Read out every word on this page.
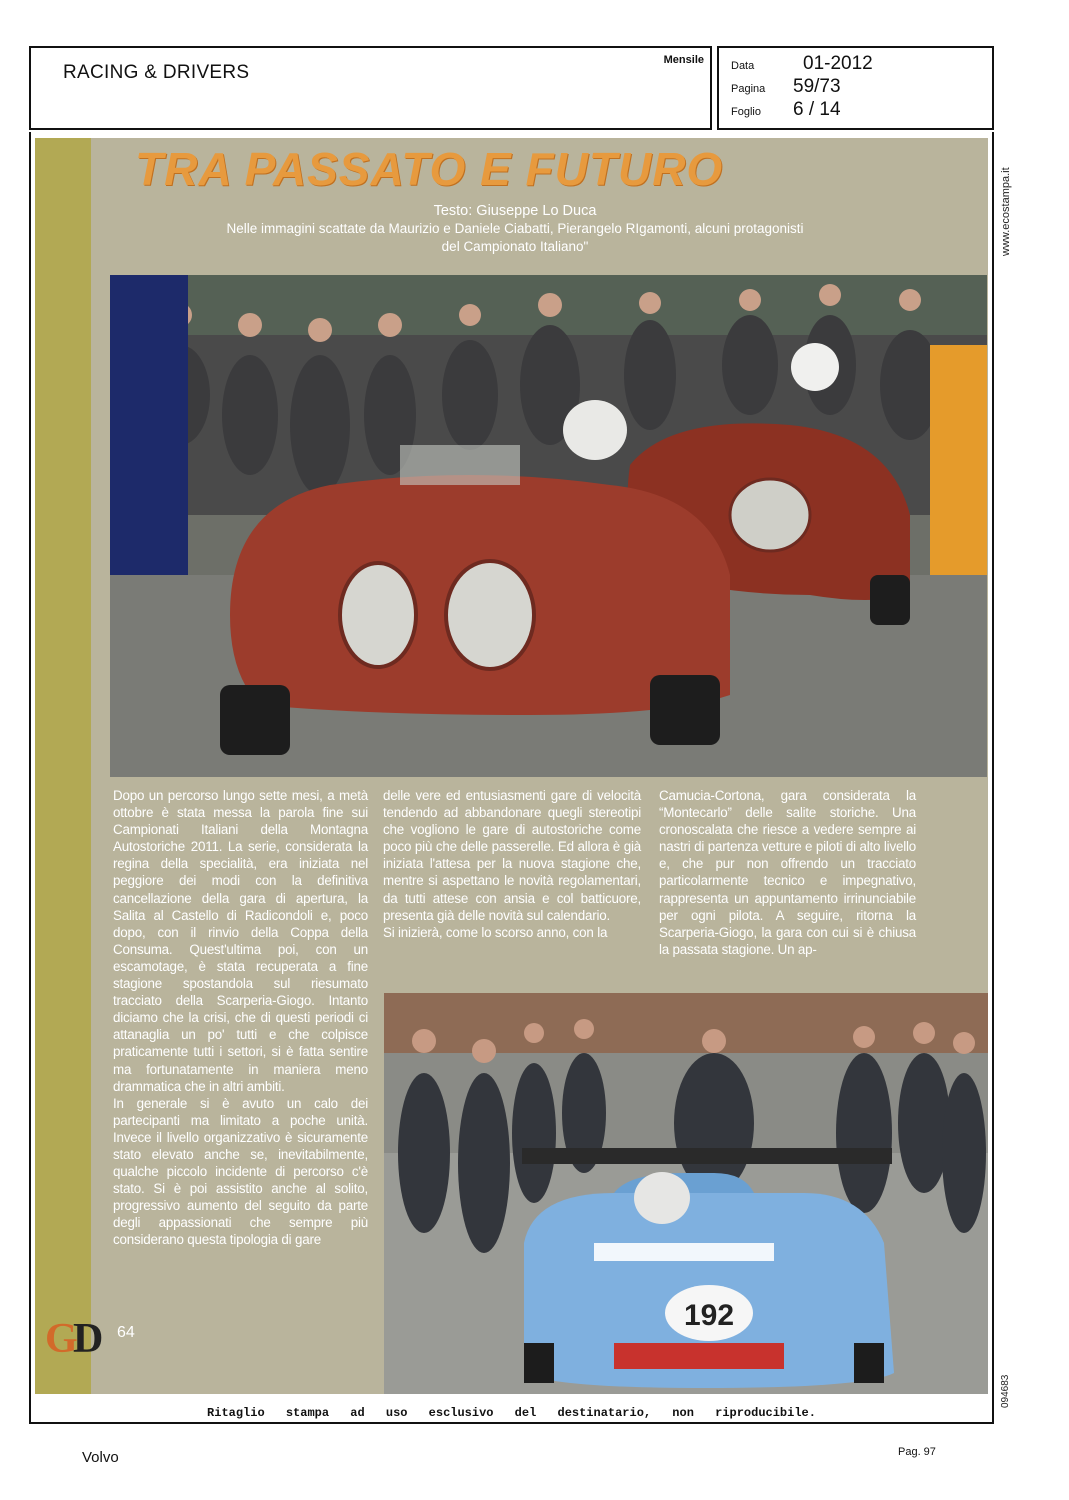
RACING & DRIVERS
Mensile Data	01-2012
Pagina	59/73
Foglio	6 / 14
www.ecostampa.it
094683
TRA PASSATO E FUTURO
Testo: Giuseppe Lo Duca
Nelle immagini scattate da Maurizio e Daniele Ciabatti, Pierangelo RIgamonti, alcuni protagonisti
del Campionato Italiano"

Dopo un percorso lungo sette mesi, a metà ottobre è stata messa la parola fine sui Campionati Italiani della Montagna Autostoriche 2011. La serie, considerata la regina della specialità, era iniziata nel peggiore dei modi con la definitiva cancellazione della gara di apertura, la Salita al Castello di Radicondoli e, poco dopo, con il rinvio della Coppa della Consuma. Quest'ultima poi, con un escamotage, è stata recuperata a fine stagione spostandola sul riesumato tracciato della Scarperia-Giogo. Intanto diciamo che la crisi, che di questi periodi ci attanaglia un po' tutti e che colpisce praticamente tutti i settori, si è fatta sentire ma fortunatamente in maniera meno drammatica che in altri ambiti.

In generale si è avuto un calo dei partecipanti ma limitato a poche unità. Invece il livello organizzativo è sicuramente stato elevato anche se, inevitabilmente, qualche piccolo incidente di percorso c'è stato. Si è poi assistito anche al solito, progressivo aumento del seguito da parte degli appassionati che sempre più considerano questa tipologia di gare

delle vere ed entusiasmenti gare di velocità tendendo ad abbandonare quegli stereotipi che vogliono le gare di autostoriche come poco più che delle passerelle. Ed allora è già iniziata l'attesa per la nuova stagione che, mentre si aspettano le novità regolamentari, da tutti attese con ansia e col batticuore, presenta già delle novità sul calendario.

Si inizierà, come lo scorso anno, con la

Camucia-Cortona, gara considerata la “Montecarlo” delle salite storiche. Una cronoscalata che riesce a vedere sempre ai nastri di partenza vetture e piloti di alto livello e, che pur non offrendo un tracciato particolarmente tecnico e impegnativo, rappresenta un appuntamento irrinunciabile per ogni pilota. A seguire, ritorna la Scarperia-Giogo, la gara con cui si è chiusa la passata stagione. Un ap-

192
G
D 64
Ritaglio stampa ad uso esclusivo del destinatario, non riproducibile.
Volvo	Pag. 97
